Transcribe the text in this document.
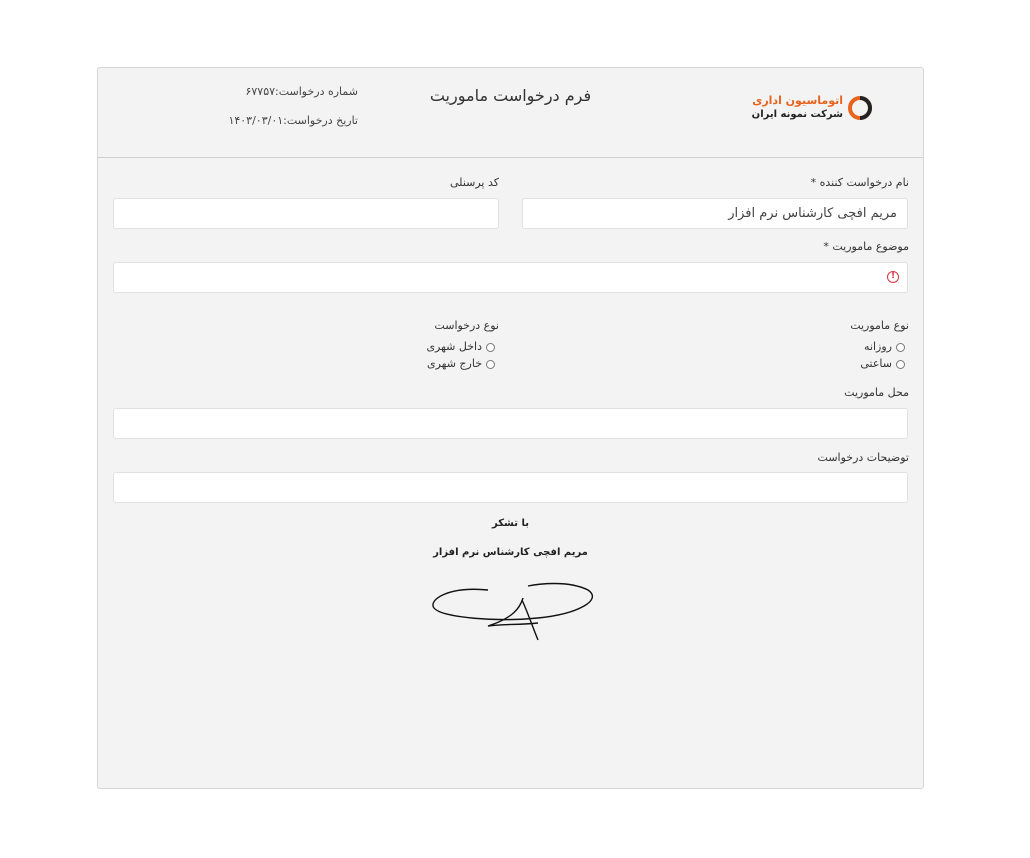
اتوماسیون اداری
شرکت نمونه ایران
فرم درخواست ماموریت
شماره درخواست:۶۷۷۵۷
تاریخ درخواست:۱۴۰۳/۰۳/۰۱
نام درخواست کننده *
مریم افچی کارشناس نرم افزار
کد پرسنلی
موضوع ماموریت *
!
نوع ماموریت
روزانه
ساعتی
نوع درخواست
داخل شهری
خارج شهری
محل ماموریت
توضیحات درخواست
با تشکر
مریم افچی کارشناس نرم افزار
